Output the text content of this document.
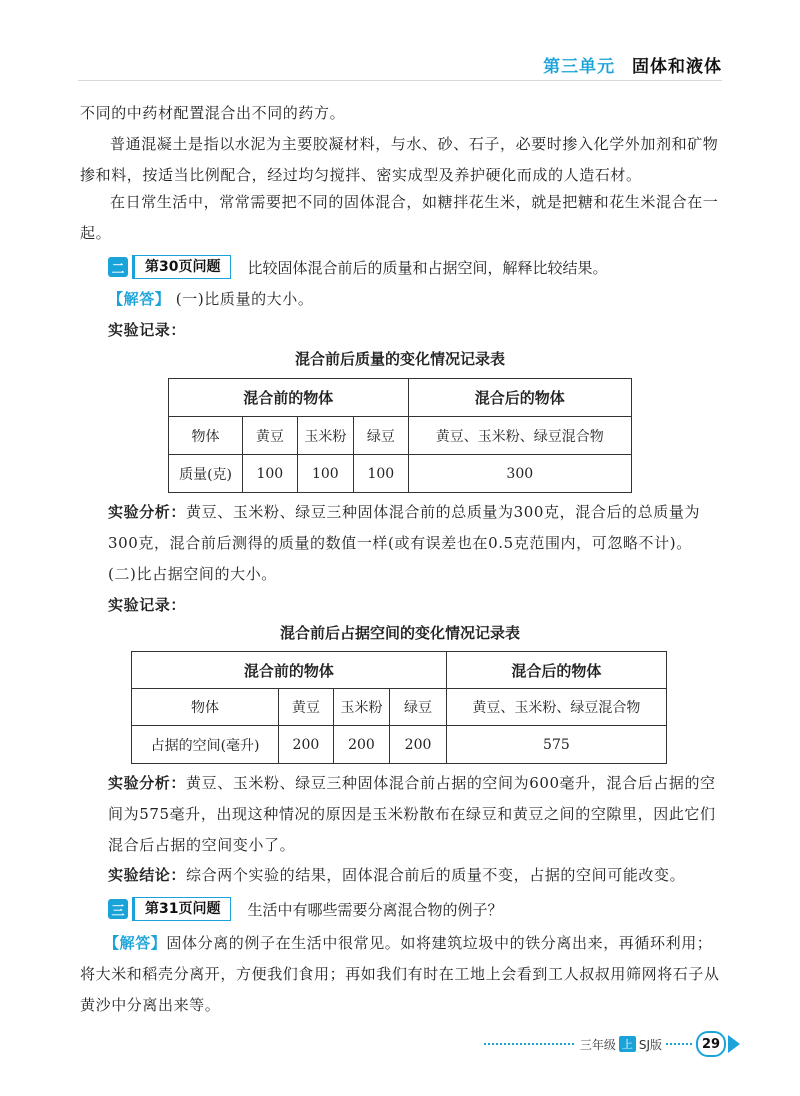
第三单元 固体和液体
不同的中药材配置混合出不同的药方。
普通混凝土是指以水泥为主要胶凝材料，与水、砂、石子，必要时掺入化学外加剂和矿物掺和料，按适当比例配合，经过均匀搅拌、密实成型及养护硬化而成的人造石材。
在日常生活中，常常需要把不同的固体混合，如糖拌花生米，就是把糖和花生米混合在一起。
二	第30页问题	比较固体混合前后的质量和占据空间，解释比较结果。
【解答】 (一)比质量的大小。
实验记录：
混合前后质量的变化情况记录表
混合前的物体				混合后的物体
物体	黄豆	玉米粉	绿豆	黄豆、玉米粉、绿豆混合物
质量(克)	100	100	100	300
实验分析：黄豆、玉米粉、绿豆三种固体混合前的总质量为300克，混合后的总质量为300克，混合前后测得的质量的数值一样(或有误差也在0.5克范围内，可忽略不计)。
(二)比占据空间的大小。
实验记录：
混合前后占据空间的变化情况记录表
混合前的物体				混合后的物体
物体	黄豆	玉米粉	绿豆	黄豆、玉米粉、绿豆混合物
占据的空间(毫升)	200	200	200	575
实验分析：黄豆、玉米粉、绿豆三种固体混合前占据的空间为600毫升，混合后占据的空间为575毫升，出现这种情况的原因是玉米粉散布在绿豆和黄豆之间的空隙里，因此它们混合后占据的空间变小了。
实验结论：综合两个实验的结果，固体混合前后的质量不变，占据的空间可能改变。
三	第31页问题	生活中有哪些需要分离混合物的例子？
【解答】固体分离的例子在生活中很常见。如将建筑垃圾中的铁分离出来，再循环利用；将大米和稻壳分离开，方便我们食用；再如我们有时在工地上会看到工人叔叔用筛网将石子从黄沙中分离出来等。
三年级 上 SJ版	29
